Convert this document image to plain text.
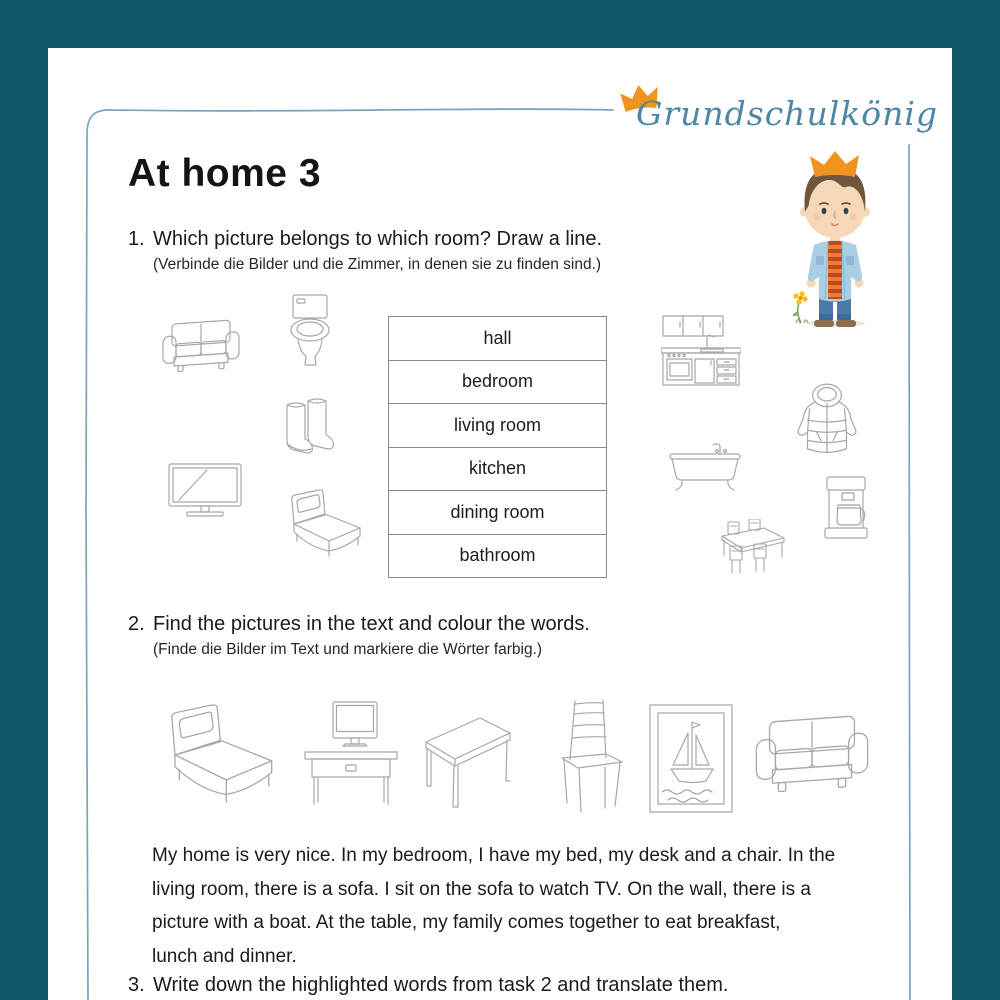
Grundschulkönig
At home 3
1. Which picture belongs to which room? Draw a line.
(Verbinde die Bilder und die Zimmer, in denen sie zu finden sind.)
hall
bedroom
living room
kitchen
dining room
bathroom
2. Find the pictures in the text and colour the words.
(Finde die Bilder im Text und markiere die Wörter farbig.)
My home is very nice. In my bedroom, I have my bed, my desk and a chair. In the
living room, there is a sofa. I sit on the sofa to watch TV. On the wall, there is a
picture with a boat. At the table, my family comes together to eat breakfast,
lunch and dinner.
3. Write down the highlighted words from task 2 and translate them.
